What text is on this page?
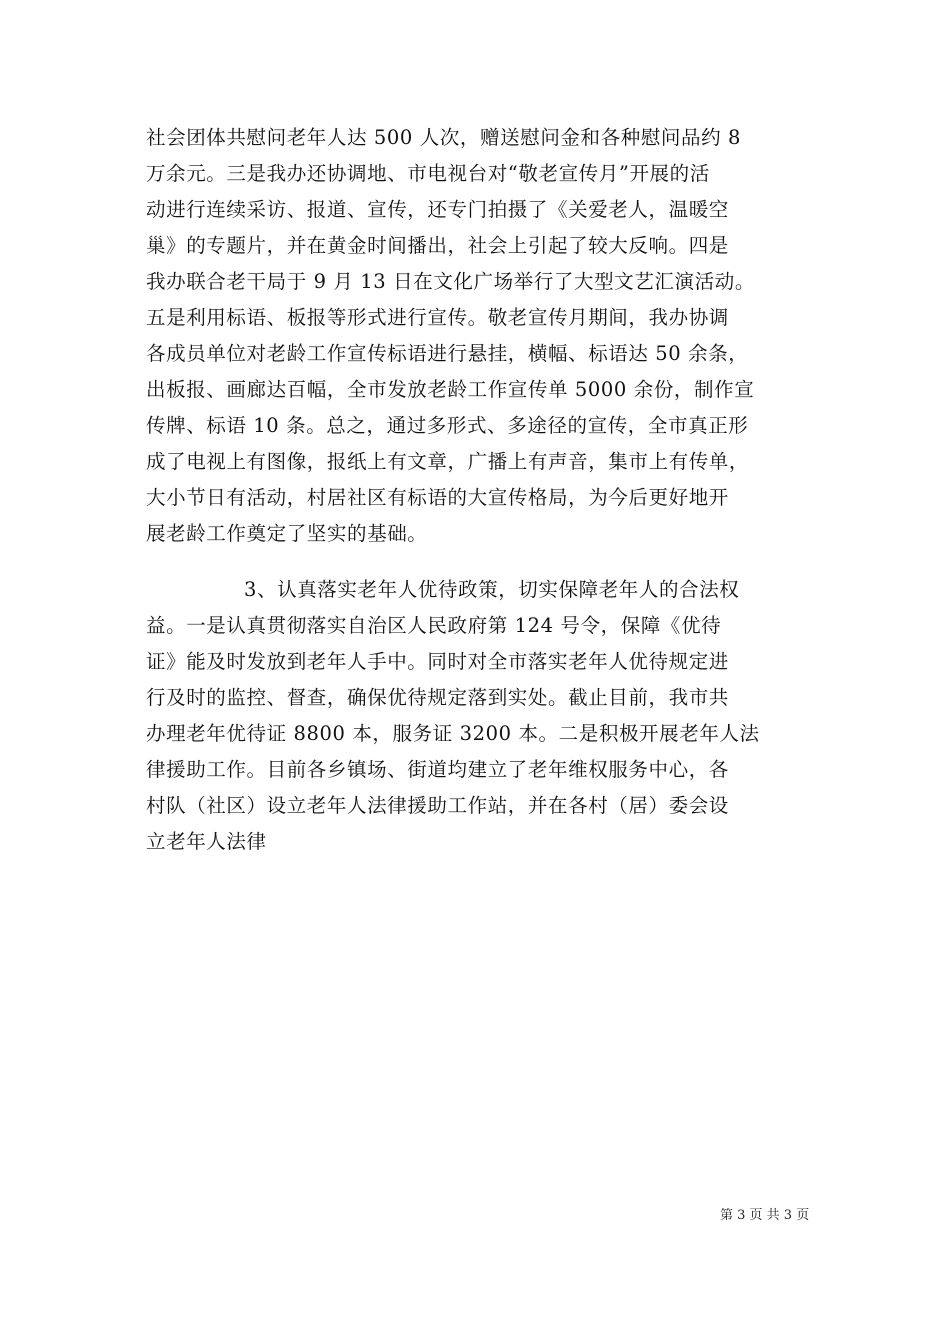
社会团体共慰问老年人达 500 人次，赠送慰问金和各种慰问品约 8
万余元。三是我办还协调地、市电视台对“敬老宣传月”开展的活
动进行连续采访、报道、宣传，还专门拍摄了《关爱老人，温暖空
巢》的专题片，并在黄金时间播出，社会上引起了较大反响。四是
我办联合老干局于 9 月 13 日在文化广场举行了大型文艺汇演活动。
五是利用标语、板报等形式进行宣传。敬老宣传月期间，我办协调
各成员单位对老龄工作宣传标语进行悬挂，横幅、标语达 50 余条，
出板报、画廊达百幅，全市发放老龄工作宣传单 5000 余份，制作宣
传牌、标语 10 条。总之，通过多形式、多途径的宣传，全市真正形
成了电视上有图像，报纸上有文章，广播上有声音，集市上有传单，
大小节日有活动，村居社区有标语的大宣传格局，为今后更好地开
展老龄工作奠定了坚实的基础。
3、认真落实老年人优待政策，切实保障老年人的合法权
益。一是认真贯彻落实自治区人民政府第 124 号令，保障《优待
证》能及时发放到老年人手中。同时对全市落实老年人优待规定进
行及时的监控、督查，确保优待规定落到实处。截止目前，我市共
办理老年优待证 8800 本，服务证 3200 本。二是积极开展老年人法
律援助工作。目前各乡镇场、街道均建立了老年维权服务中心，各
村队（社区）设立老年人法律援助工作站，并在各村（居）委会设
立老年人法律
第 3 页 共 3 页
